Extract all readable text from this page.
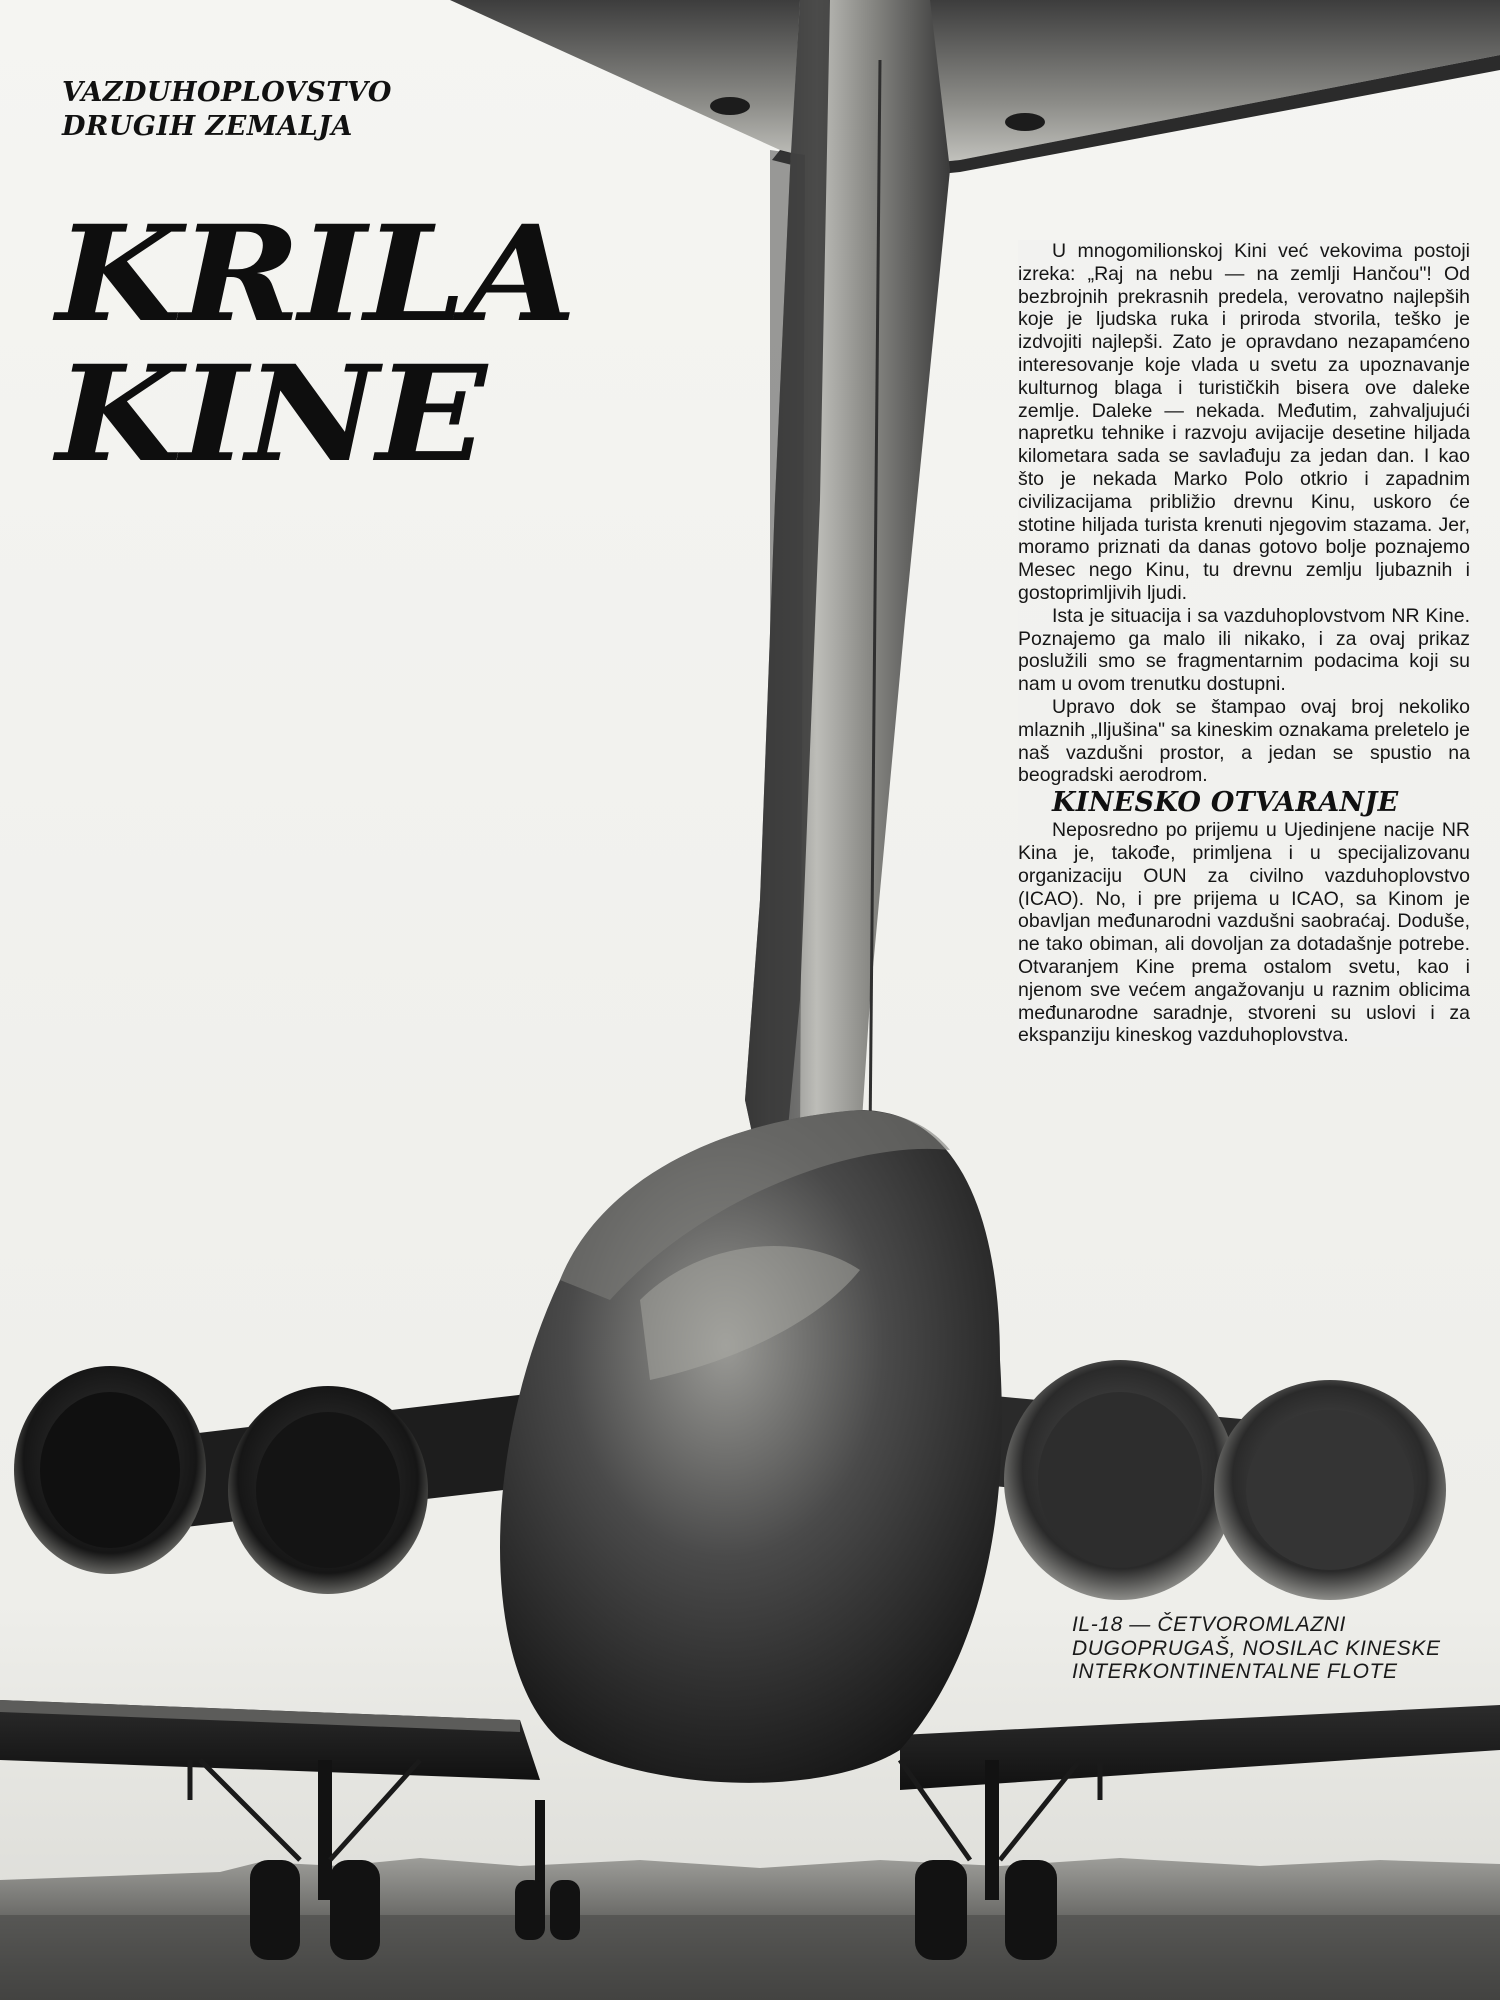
VAZDUHOPLOVSTVO
DRUGIH ZEMALJA
KRILA
KINE

U mnogomilionskoj Kini već vekovima postoji izreka: „Raj na nebu — na zemlji Hančou"! Od bezbrojnih prekrasnih predela, verovatno najlepših koje je ljudska ruka i priroda stvorila, teško je izdvojiti najlepši. Zato je opravdano nezapamćeno interesovanje koje vlada u svetu za upoznavanje kulturnog blaga i turističkih bisera ove daleke zemlje. Daleke — nekada. Međutim, zahvaljujući napretku tehnike i razvoju avijacije desetine hiljada kilometara sada se savlađuju za jedan dan. I kao što je nekada Marko Polo otkrio i zapadnim civilizacijama približio drevnu Kinu, uskoro će stotine hiljada turista krenuti njegovim stazama. Jer, moramo priznati da danas gotovo bolje poznajemo Mesec nego Kinu, tu drevnu zemlju ljubaznih i gostoprimljivih ljudi.

Ista je situacija i sa vazduhoplovstvom NR Kine. Poznajemo ga malo ili nikako, i za ovaj prikaz poslužili smo se fragmentarnim podacima koji su nam u ovom trenutku dostupni.

Upravo dok se štampao ovaj broj nekoliko mlaznih „Iljušina" sa kineskim oznakama preletelo je naš vazdušni prostor, a jedan se spustio na beogradski aerodrom.

KINESKO OTVARANJE

Neposredno po prijemu u Ujedinjene nacije NR Kina je, takođe, primljena i u specijalizovanu organizaciju OUN za civilno vazduhoplovstvo (ICAO). No, i pre prijema u ICAO, sa Kinom je obavljan međunarodni vazdušni saobraćaj. Doduše, ne tako obiman, ali dovoljan za dotadašnje potrebe. Otvaranjem Kine prema ostalom svetu, kao i njenom sve većem angažovanju u raznim oblicima međunarodne saradnje, stvoreni su uslovi i za ekspanziju kineskog vazduhoplovstva.

IL-18 — ČETVOROMLAZNI
DUGOPRUGAŠ, NOSILAC KINESKE
INTERKONTINENTALNE FLOTE
